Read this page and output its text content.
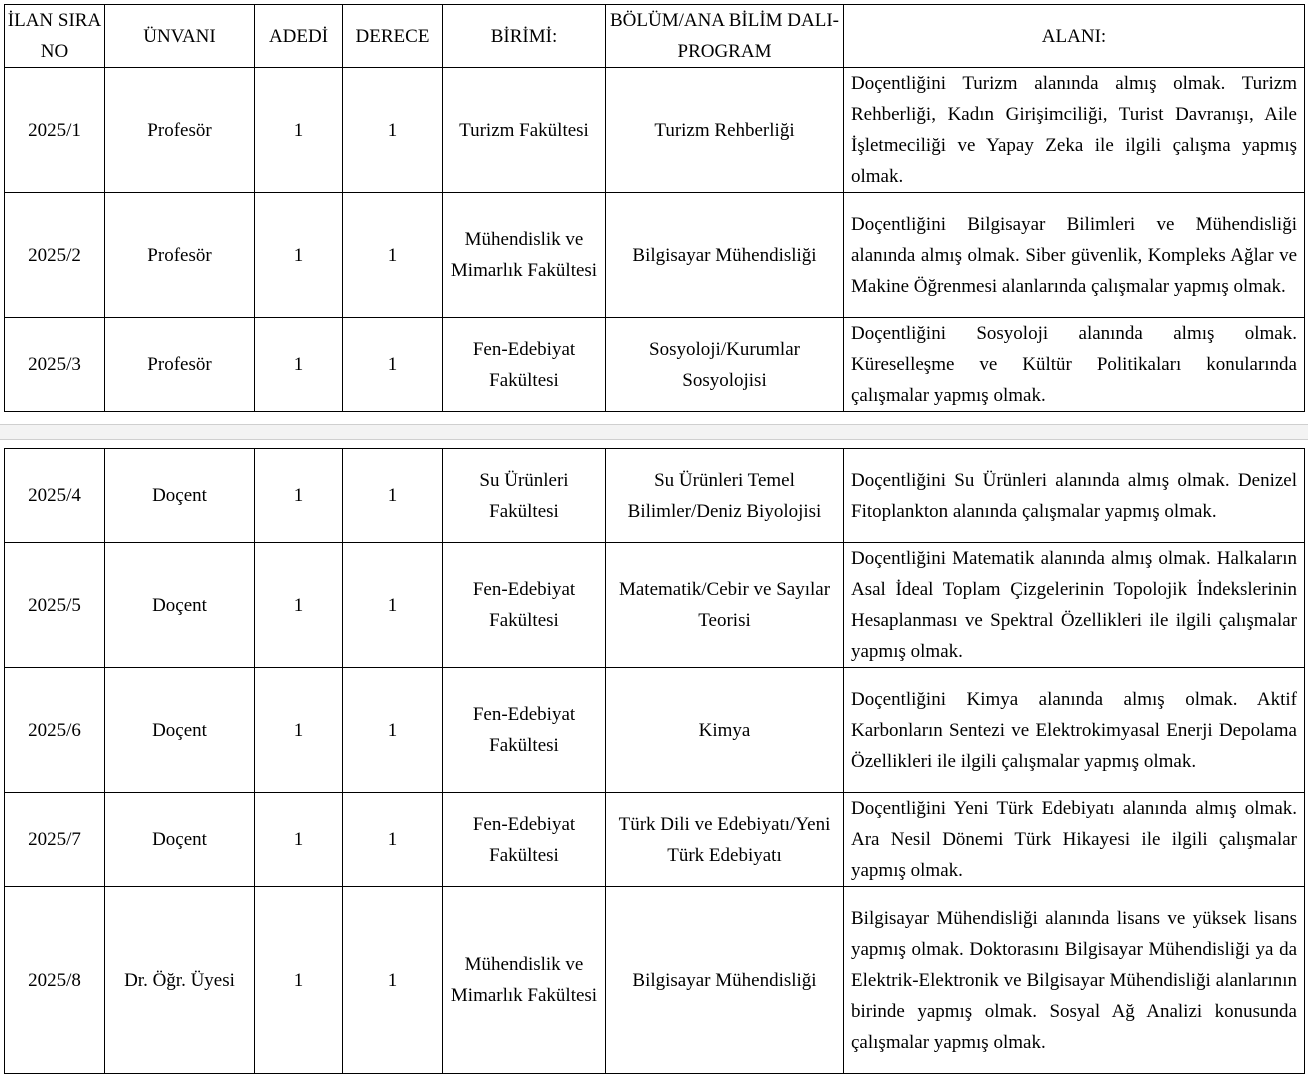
İLAN SIRA NO	ÜNVANI	ADEDİ	DERECE	BİRİMİ:	BÖLÜM/ANA BİLİM DALI-PROGRAM	ALANI:
2025/1	Profesör	1	1	Turizm Fakültesi	Turizm Rehberliği	Doçentliğini Turizm alanında almış olmak. Turizm Rehberliği, Kadın Girişimciliği, Turist Davranışı, Aile İşletmeciliği ve Yapay Zeka ile ilgili çalışma yapmış olmak.
2025/2	Profesör	1	1	Mühendislik ve Mimarlık Fakültesi	Bilgisayar Mühendisliği	Doçentliğini Bilgisayar Bilimleri ve Mühendisliği alanında almış olmak. Siber güvenlik, Kompleks Ağlar ve Makine Öğrenmesi alanlarında çalışmalar yapmış olmak.
2025/3	Profesör	1	1	Fen-Edebiyat Fakültesi	Sosyoloji/Kurumlar Sosyolojisi	Doçentliğini Sosyoloji alanında almış olmak. Küreselleşme ve Kültür Politikaları konularında çalışmalar yapmış olmak.
2025/4	Doçent	1	1	Su Ürünleri Fakültesi	Su Ürünleri Temel Bilimler/Deniz Biyolojisi	Doçentliğini Su Ürünleri alanında almış olmak. Denizel Fitoplankton alanında çalışmalar yapmış olmak.
2025/5	Doçent	1	1	Fen-Edebiyat Fakültesi	Matematik/Cebir ve Sayılar Teorisi	Doçentliğini Matematik alanında almış olmak. Halkaların Asal İdeal Toplam Çizgelerinin Topolojik İndekslerinin Hesaplanması ve Spektral Özellikleri ile ilgili çalışmalar yapmış olmak.
2025/6	Doçent	1	1	Fen-Edebiyat Fakültesi	Kimya	Doçentliğini Kimya alanında almış olmak. Aktif Karbonların Sentezi ve Elektrokimyasal Enerji Depolama Özellikleri ile ilgili çalışmalar yapmış olmak.
2025/7	Doçent	1	1	Fen-Edebiyat Fakültesi	Türk Dili ve Edebiyatı/Yeni Türk Edebiyatı	Doçentliğini Yeni Türk Edebiyatı alanında almış olmak. Ara Nesil Dönemi Türk Hikayesi ile ilgili çalışmalar yapmış olmak.
2025/8	Dr. Öğr. Üyesi	1	1	Mühendislik ve Mimarlık Fakültesi	Bilgisayar Mühendisliği	Bilgisayar Mühendisliği alanında lisans ve yüksek lisans yapmış olmak. Doktorasını Bilgisayar Mühendisliği ya da Elektrik-Elektronik ve Bilgisayar Mühendisliği alanlarının birinde yapmış olmak. Sosyal Ağ Analizi konusunda çalışmalar yapmış olmak.
